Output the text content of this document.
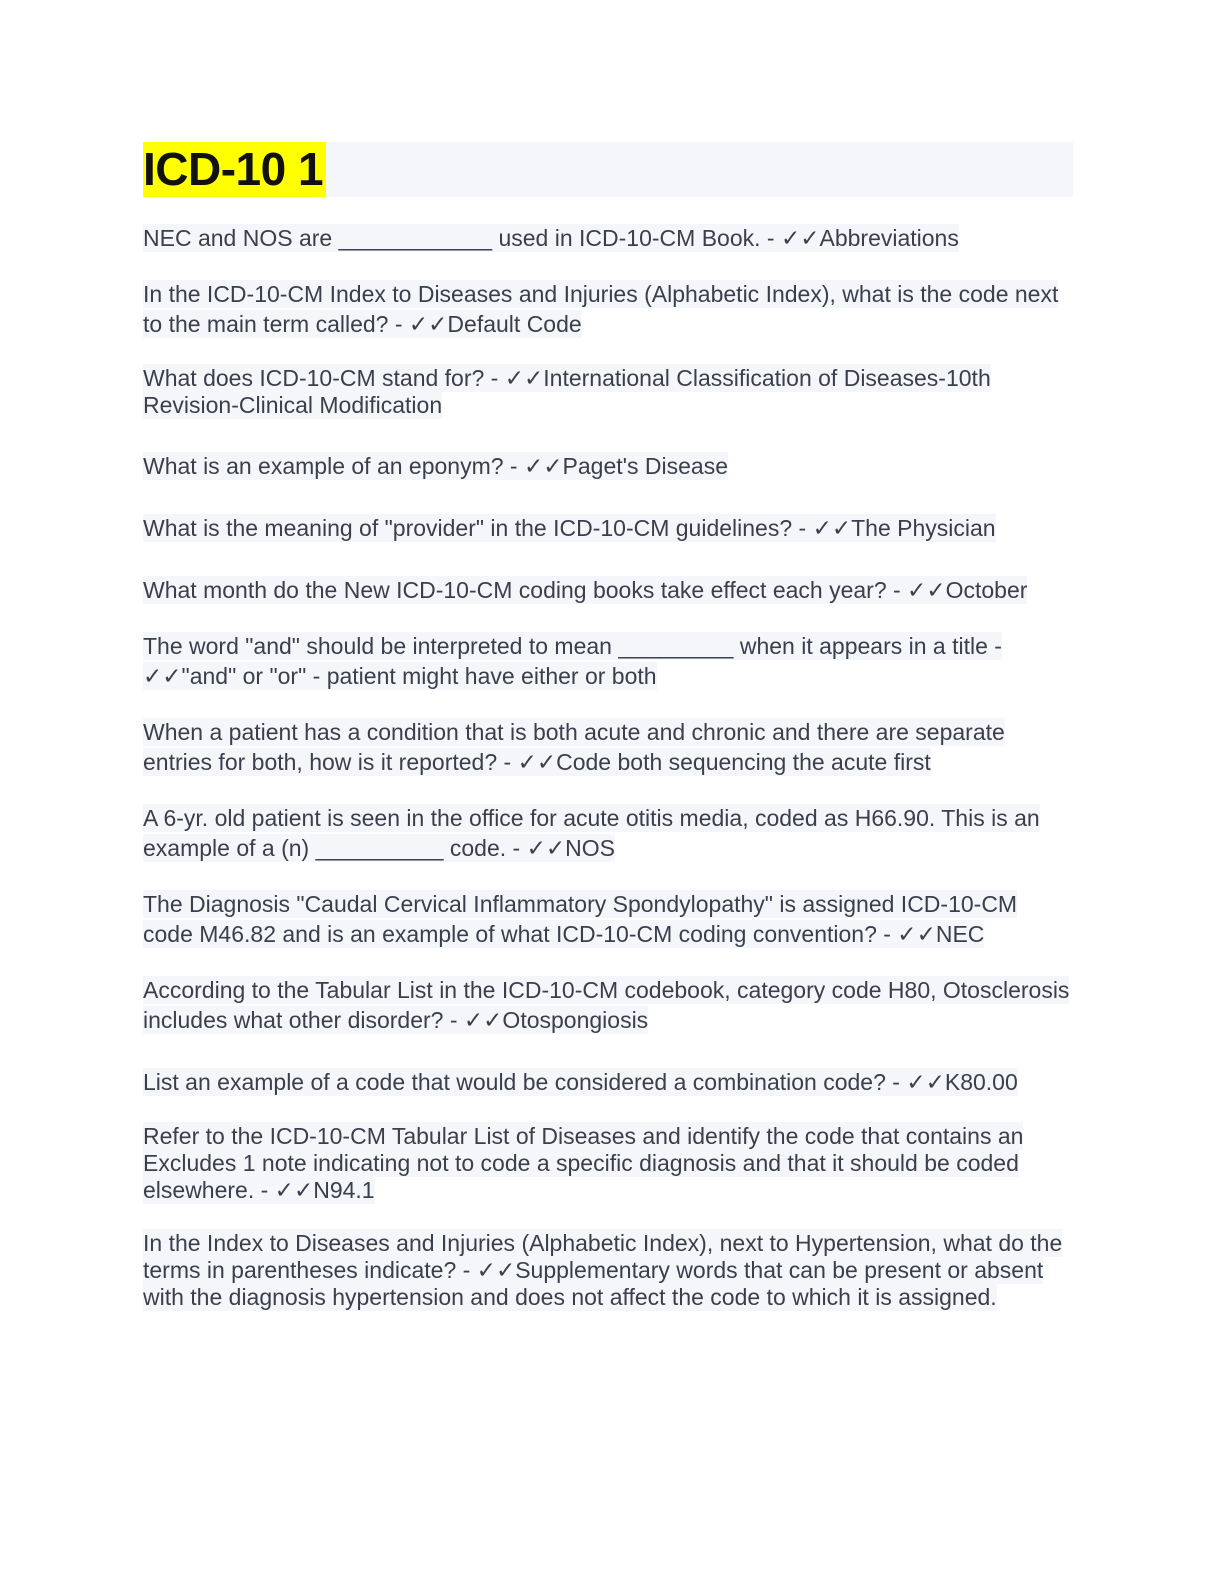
ICD-10 1

NEC and NOS are ____________ used in ICD-10-CM Book. - ✓✓Abbreviations

In the ICD-10-CM Index to Diseases and Injuries (Alphabetic Index), what is the code next to the main term called? - ✓✓Default Code

What does ICD-10-CM stand for? - ✓✓International Classification of Diseases-10th Revision-Clinical Modification

What is an example of an eponym? - ✓✓Paget's Disease

What is the meaning of "provider" in the ICD-10-CM guidelines? - ✓✓The Physician

What month do the New ICD-10-CM coding books take effect each year? - ✓✓October

The word "and" should be interpreted to mean _________ when it appears in a title - ✓✓"and" or "or" - patient might have either or both

When a patient has a condition that is both acute and chronic and there are separate entries for both, how is it reported? - ✓✓Code both sequencing the acute first

A 6-yr. old patient is seen in the office for acute otitis media, coded as H66.90. This is an example of a (n) __________ code. - ✓✓NOS

The Diagnosis "Caudal Cervical Inflammatory Spondylopathy" is assigned ICD-10-CM code M46.82 and is an example of what ICD-10-CM coding convention? - ✓✓NEC

According to the Tabular List in the ICD-10-CM codebook, category code H80, Otosclerosis includes what other disorder? - ✓✓Otospongiosis

List an example of a code that would be considered a combination code? - ✓✓K80.00

Refer to the ICD-10-CM Tabular List of Diseases and identify the code that contains an Excludes 1 note indicating not to code a specific diagnosis and that it should be coded elsewhere. - ✓✓N94.1

In the Index to Diseases and Injuries (Alphabetic Index), next to Hypertension, what do the terms in parentheses indicate? - ✓✓Supplementary words that can be present or absent with the diagnosis hypertension and does not affect the code to which it is assigned.
